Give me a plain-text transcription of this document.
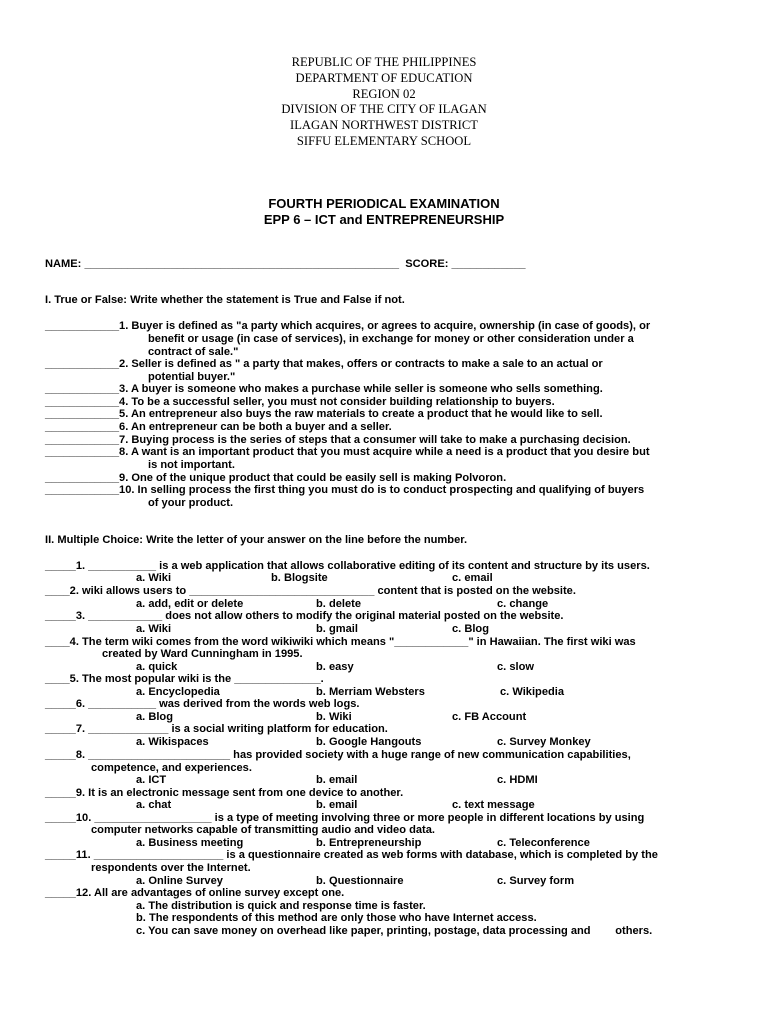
REPUBLIC OF THE PHILIPPINES
DEPARTMENT OF EDUCATION
REGION 02
DIVISION OF THE CITY OF ILAGAN
ILAGAN NORTHWEST DISTRICT
SIFFU ELEMENTARY SCHOOL
FOURTH PERIODICAL EXAMINATION
EPP 6 – ICT and ENTREPRENEURSHIP
NAME: ___________________________________________________  SCORE: ____________
I. True or False: Write whether the statement is True and False if not.
____________1. Buyer is defined as "a party which acquires, or agrees to acquire, ownership (in case of goods), or
benefit or usage (in case of services), in exchange for money or other consideration under a
contract of sale."
____________2. Seller is defined as " a party that makes, offers or contracts to make a sale to an actual or
potential buyer."
____________3. A buyer is someone who makes a purchase while seller is someone who sells something.
____________4. To be a successful seller, you must not consider building relationship to buyers.
____________5. An entrepreneur also buys the raw materials to create a product that he would like to sell.
____________6. An entrepreneur can be both a buyer and a seller.
____________7. Buying process is the series of steps that a consumer will take to make a purchasing decision.
____________8. A want is an important product that you must acquire while a need is a product that you desire but
is not important.
____________9. One of the unique product that could be easily sell is making Polvoron.
____________10. In selling process the first thing you must do is to conduct prospecting and qualifying of buyers
of your product.
II. Multiple Choice: Write the letter of your answer on the line before the number.
_____1. ___________ is a web application that allows collaborative editing of its content and structure by its users.
a. Wiki	b. Blogsite	c. email
____2. wiki allows users to ______________________________ content that is posted on the website.
a. add, edit or delete	b. delete	c. change
_____3. ____________ does not allow others to modify the original material posted on the website.
a. Wiki	b. gmail	c. Blog
____4. The term wiki comes from the word wikiwiki which means "____________" in Hawaiian. The first wiki was
created by Ward Cunningham in 1995.
a. quick	b. easy	c. slow
____5. The most popular wiki is the ______________.
a. Encyclopedia	b. Merriam Websters	c. Wikipedia
_____6. ___________ was derived from the words web logs.
a. Blog	b. Wiki	c. FB Account
_____7. _____________ is a social writing platform for education.
a. Wikispaces	b. Google Hangouts	c. Survey Monkey
_____8. _______________________ has provided society with a huge range of new communication capabilities,
competence, and experiences.
a. ICT	b. email	c. HDMI
_____9. It is an electronic message sent from one device to another.
a. chat	b. email	c. text message
_____10. ___________________ is a type of meeting involving three or more people in different locations by using
computer networks capable of transmitting audio and video data.
a. Business meeting	b. Entrepreneurship	c. Teleconference
_____11. _____________________ is a questionnaire created as web forms with database, which is completed by the
respondents over the Internet.
a. Online Survey	b. Questionnaire	c. Survey form
_____12. All are advantages of online survey except one.
a. The distribution is quick and response time is faster.
b. The respondents of this method are only those who have Internet access.
c. You can save money on overhead like paper, printing, postage, data processing and        others.
